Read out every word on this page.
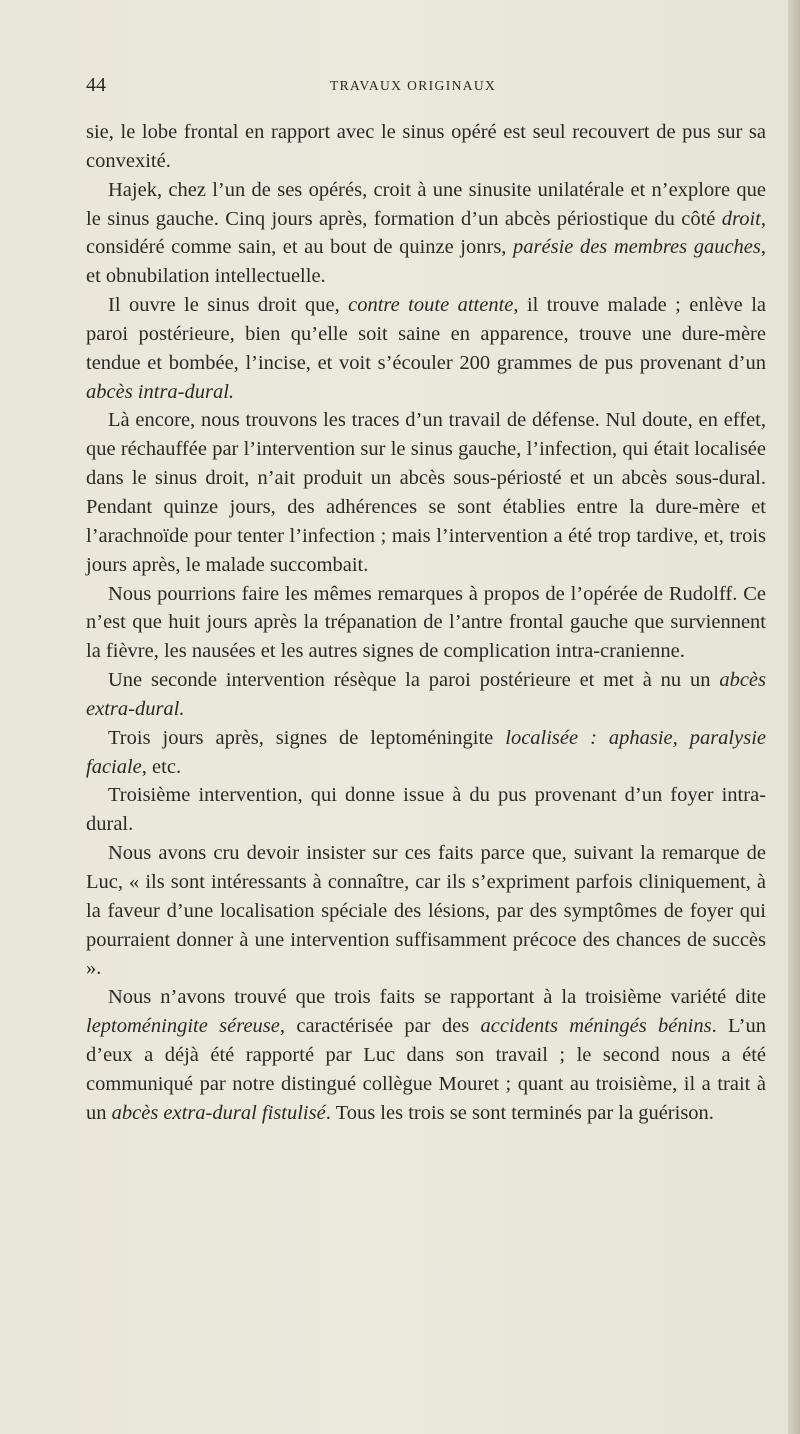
44	TRAVAUX ORIGINAUX

sie, le lobe frontal en rapport avec le sinus opéré est seul recouvert de pus sur sa convexité.

Hajek, chez l’un de ses opérés, croit à une sinusite unilatérale et n’explore que le sinus gauche. Cinq jours après, formation d’un abcès périostique du côté droit, considéré comme sain, et au bout de quinze jonrs, parésie des membres gauches, et obnubilation intellectuelle.

Il ouvre le sinus droit que, contre toute attente, il trouve malade ; enlève la paroi postérieure, bien qu’elle soit saine en apparence, trouve une dure-mère tendue et bombée, l’incise, et voit s’écouler 200 grammes de pus provenant d’un abcès intra-dural.

Là encore, nous trouvons les traces d’un travail de défense. Nul doute, en effet, que réchauffée par l’intervention sur le sinus gauche, l’infection, qui était localisée dans le sinus droit, n’ait produit un abcès sous-périosté et un abcès sous-dural. Pendant quinze jours, des adhérences se sont établies entre la dure-mère et l’arachnoïde pour tenter l’infection ; mais l’intervention a été trop tardive, et, trois jours après, le malade succombait.

Nous pourrions faire les mêmes remarques à propos de l’opérée de Rudolff. Ce n’est que huit jours après la trépanation de l’antre frontal gauche que surviennent la fièvre, les nausées et les autres signes de complication intra-cranienne.

Une seconde intervention résèque la paroi postérieure et met à nu un abcès extra-dural.

Trois jours après, signes de leptoméningite localisée : aphasie, paralysie faciale, etc.

Troisième intervention, qui donne issue à du pus provenant d’un foyer intra-dural.

Nous avons cru devoir insister sur ces faits parce que, suivant la remarque de Luc, « ils sont intéressants à connaître, car ils s’expriment parfois cliniquement, à la faveur d’une localisation spéciale des lésions, par des symptômes de foyer qui pourraient donner à une intervention suffisamment précoce des chances de succès ».

Nous n’avons trouvé que trois faits se rapportant à la troisième variété dite leptoméningite séreuse, caractérisée par des accidents méningés bénins. L’un d’eux a déjà été rapporté par Luc dans son travail ; le second nous a été communiqué par notre distingué collègue Mouret ; quant au troisième, il a trait à un abcès extra-dural fistulisé. Tous les trois se sont terminés par la guérison.
